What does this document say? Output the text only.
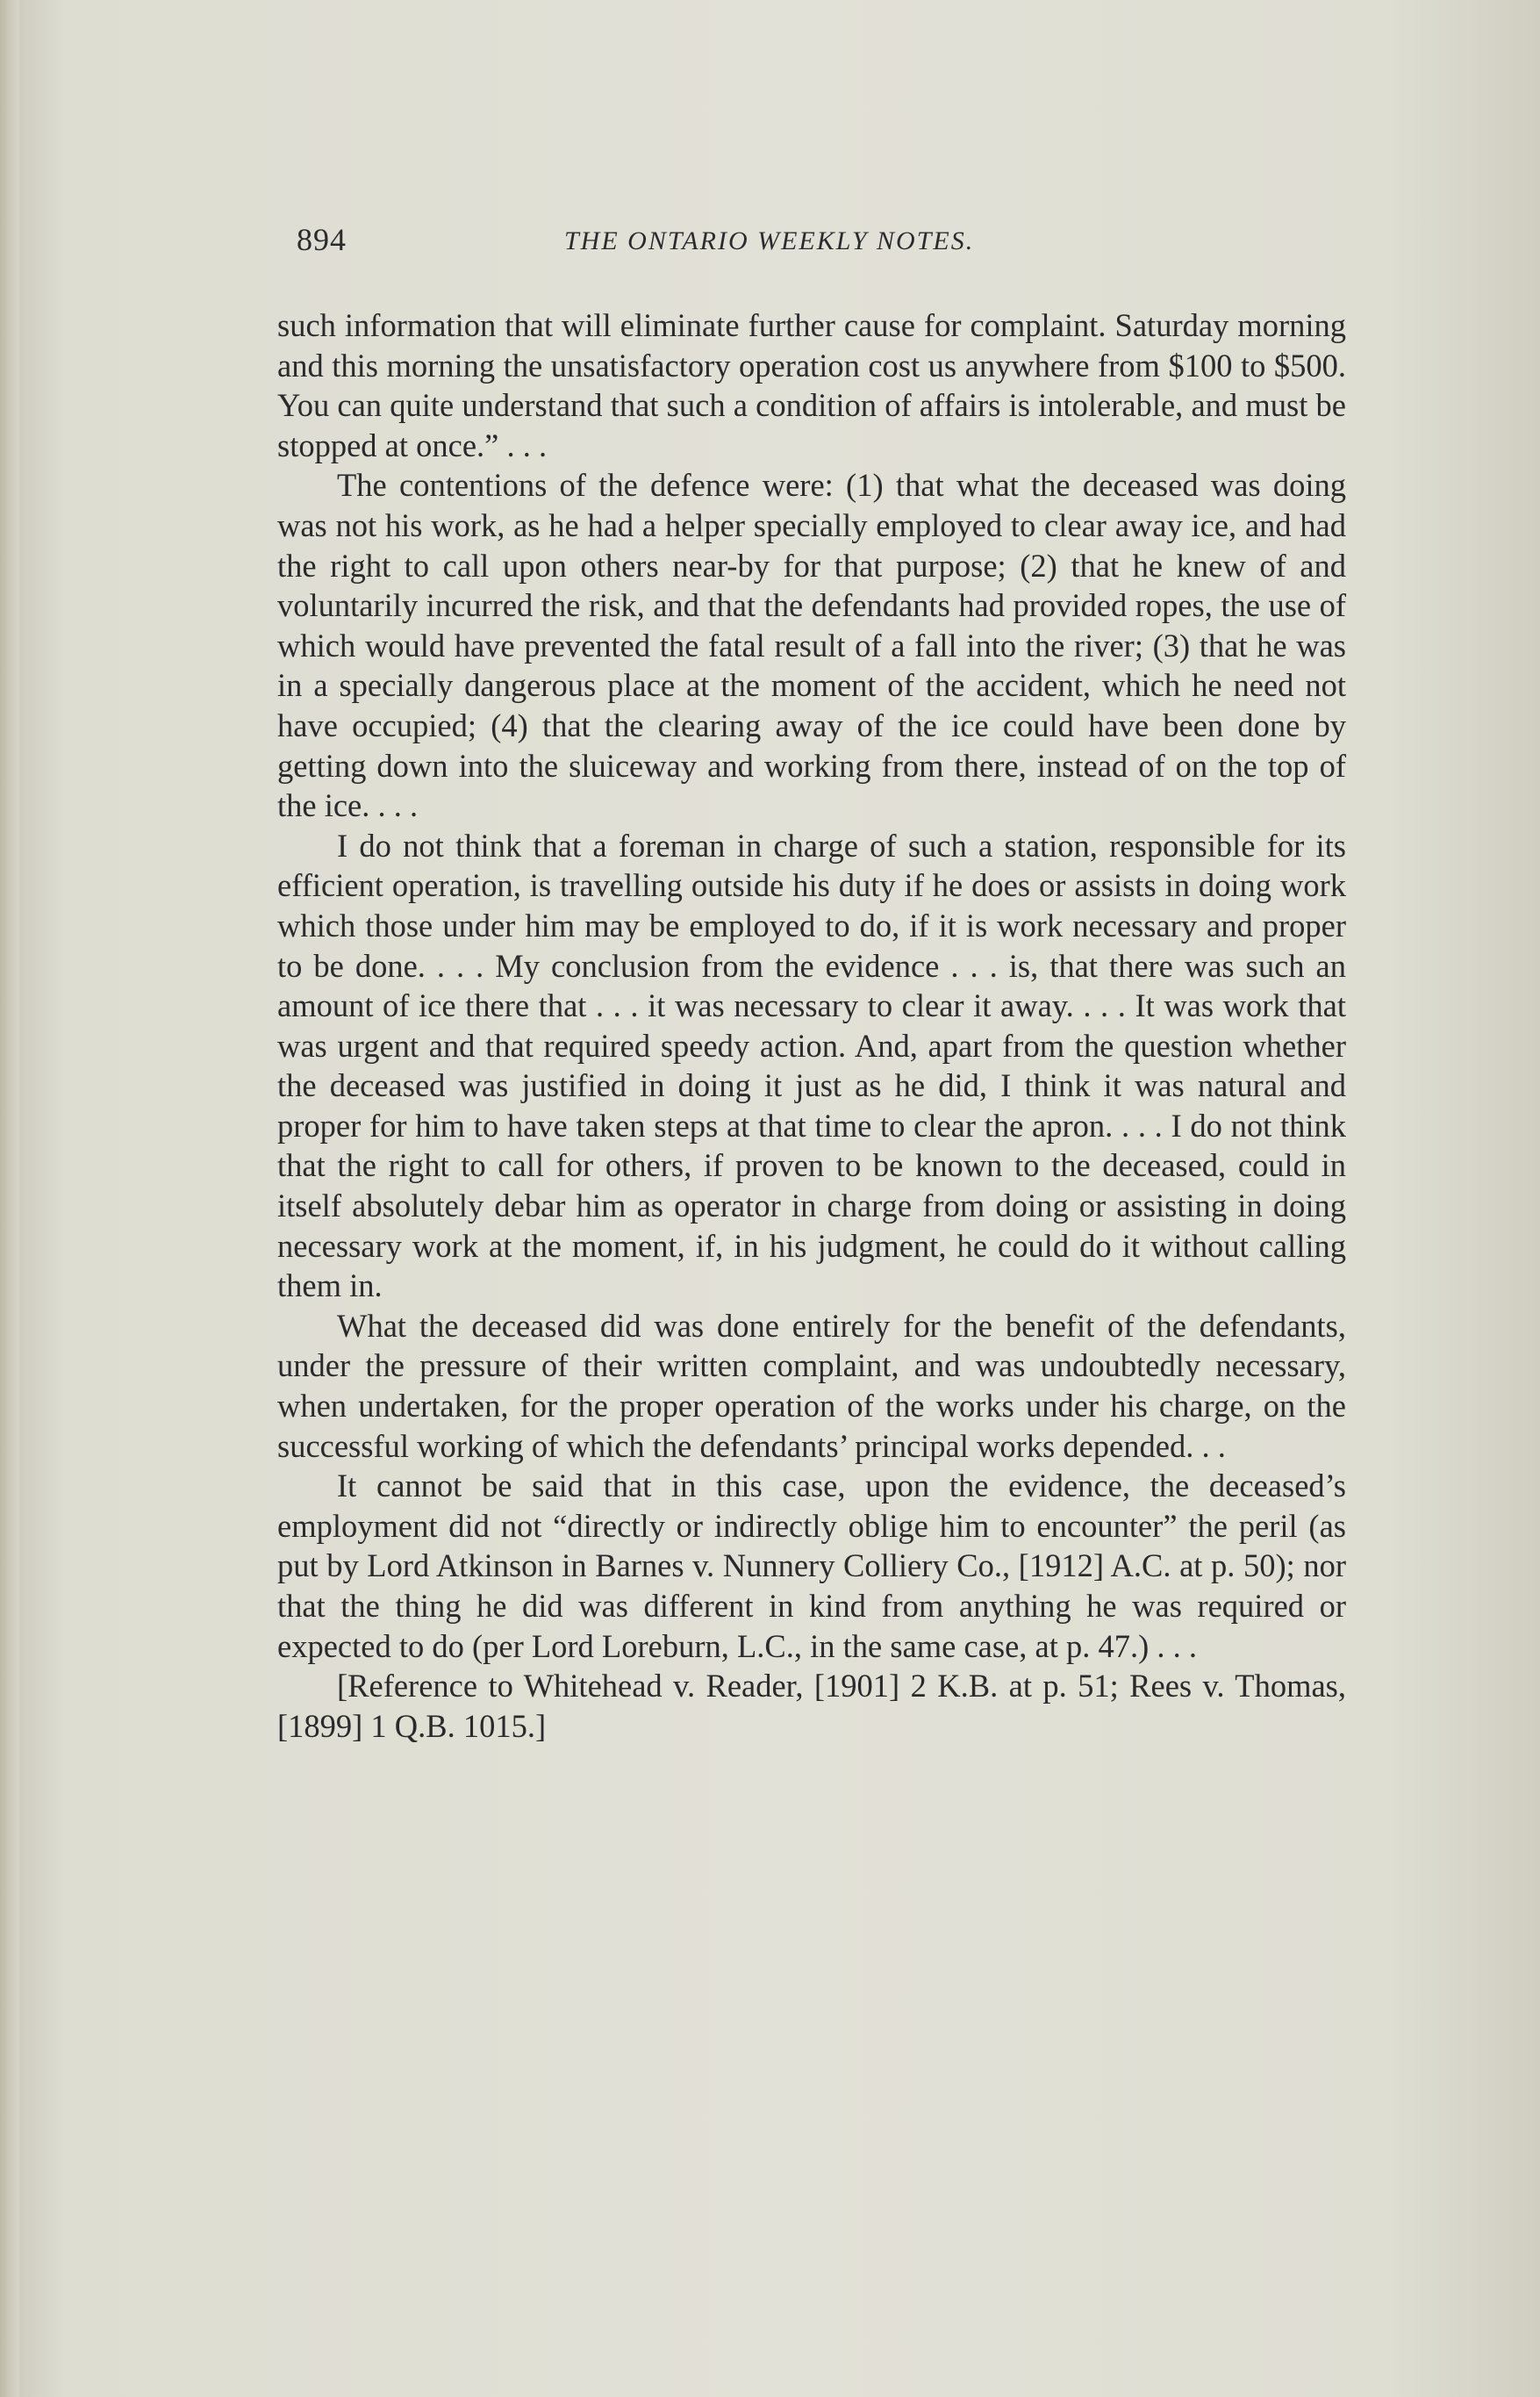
894	THE ONTARIO WEEKLY NOTES.

such information that will eliminate further cause for complaint. Saturday morning and this morning the unsatisfactory operation cost us anywhere from $100 to $500. You can quite understand that such a condition of affairs is intolerable, and must be stopped at once.” . . .

The contentions of the defence were: (1) that what the deceased was doing was not his work, as he had a helper specially employed to clear away ice, and had the right to call upon others near-by for that purpose; (2) that he knew of and voluntarily incurred the risk, and that the defendants had provided ropes, the use of which would have prevented the fatal result of a fall into the river; (3) that he was in a specially dangerous place at the moment of the accident, which he need not have occupied; (4) that the clearing away of the ice could have been done by getting down into the sluiceway and working from there, instead of on the top of the ice. . . .

I do not think that a foreman in charge of such a station, responsible for its efficient operation, is travelling outside his duty if he does or assists in doing work which those under him may be employed to do, if it is work necessary and proper to be done. . . . My conclusion from the evidence . . . is, that there was such an amount of ice there that . . . it was necessary to clear it away. . . . It was work that was urgent and that required speedy action. And, apart from the question whether the deceased was justified in doing it just as he did, I think it was natural and proper for him to have taken steps at that time to clear the apron. . . . I do not think that the right to call for others, if proven to be known to the deceased, could in itself absolutely debar him as operator in charge from doing or assisting in doing necessary work at the moment, if, in his judgment, he could do it without calling them in.

What the deceased did was done entirely for the benefit of the defendants, under the pressure of their written complaint, and was undoubtedly necessary, when undertaken, for the proper operation of the works under his charge, on the successful working of which the defendants’ principal works depended. . .

It cannot be said that in this case, upon the evidence, the deceased’s employment did not “directly or indirectly oblige him to encounter” the peril (as put by Lord Atkinson in Barnes v. Nunnery Colliery Co., [1912] A.C. at p. 50); nor that the thing he did was different in kind from anything he was required or expected to do (per Lord Loreburn, L.C., in the same case, at p. 47.) . . .

[Reference to Whitehead v. Reader, [1901] 2 K.B. at p. 51; Rees v. Thomas, [1899] 1 Q.B. 1015.]
